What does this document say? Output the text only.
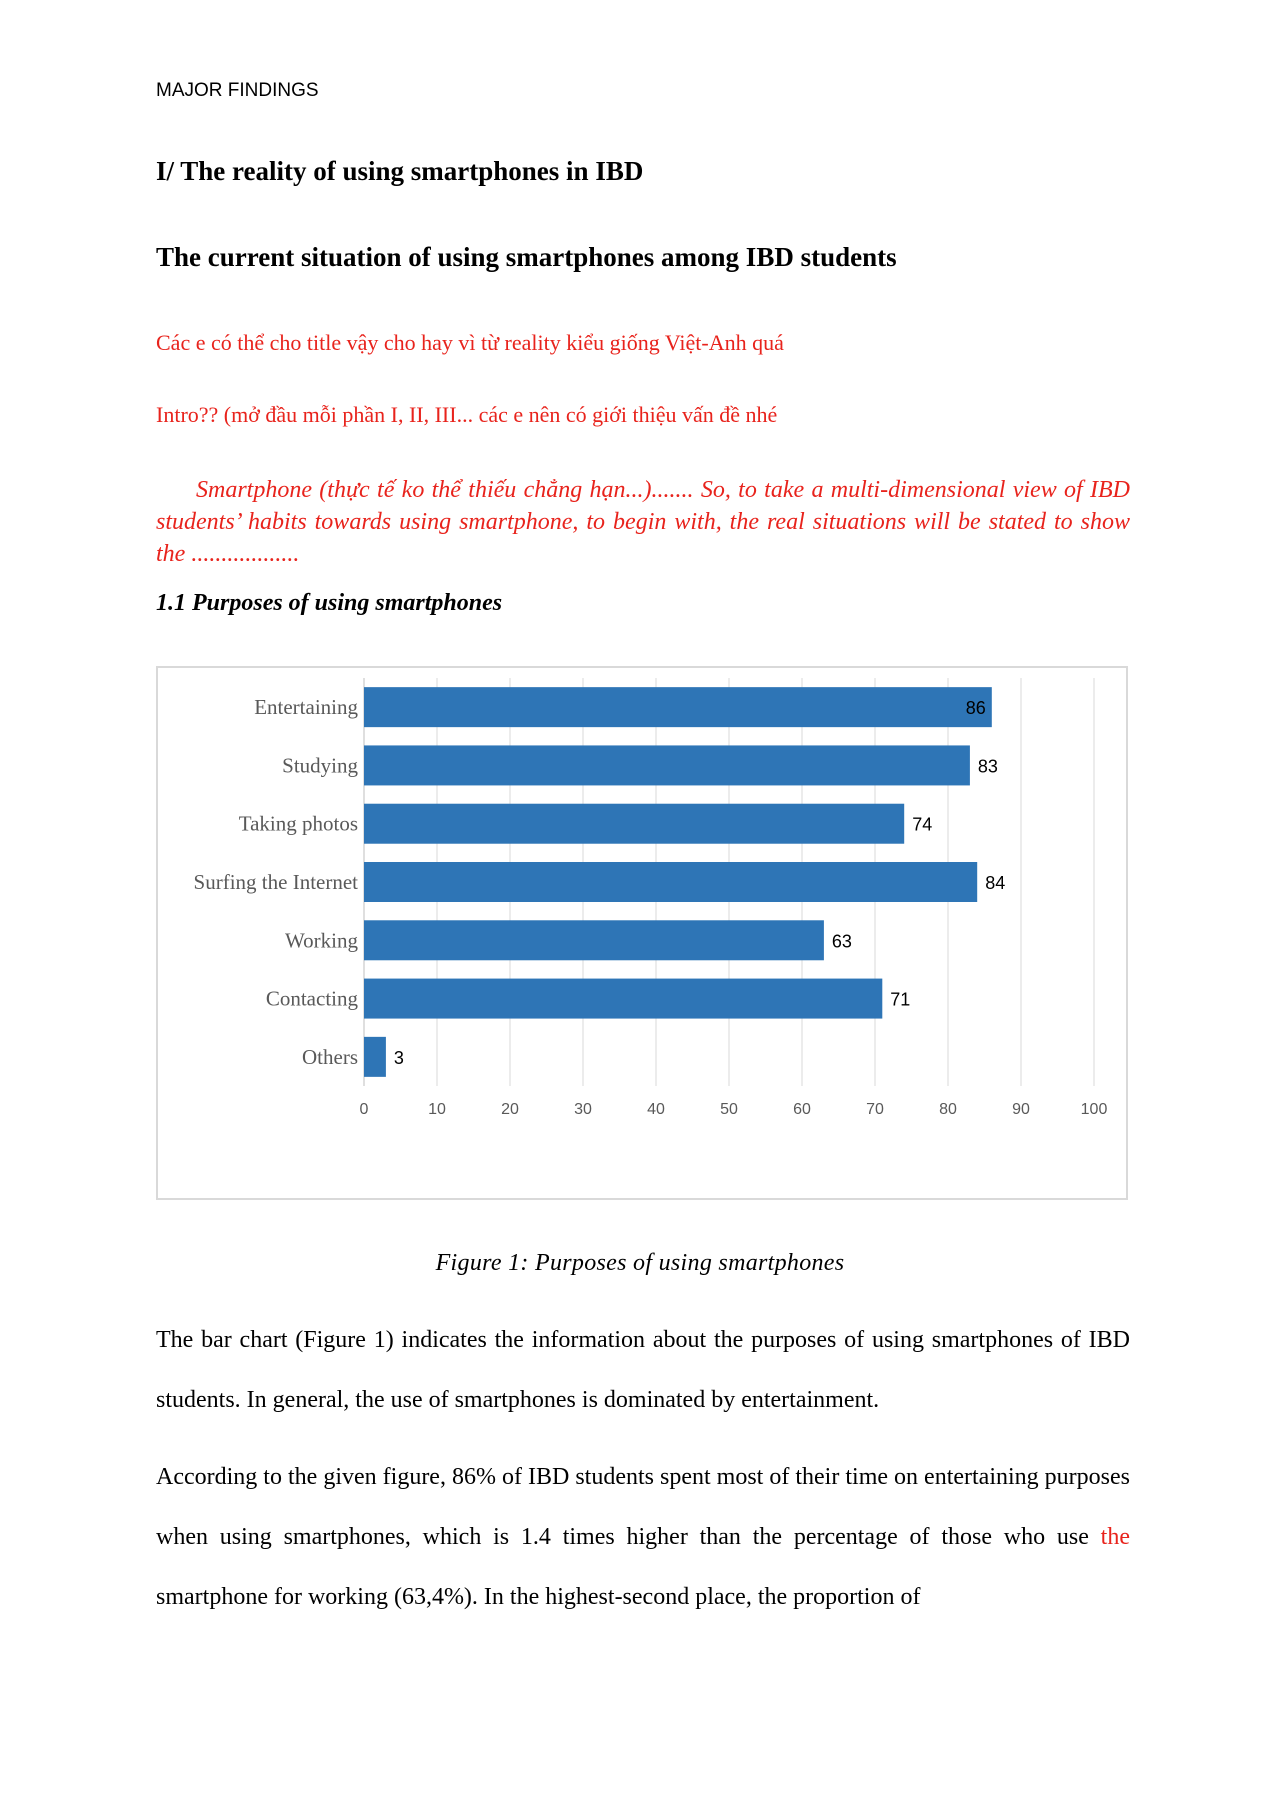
MAJOR FINDINGS
I/ The reality of using smartphones in IBD
The current situation of using smartphones among IBD students
Các e có thể cho title vậy cho hay vì từ reality kiểu giống Việt-Anh quá
Intro?? (mở đầu mỗi phần I, II, III... các e nên có giới thiệu vấn đề nhé
Smartphone (thực tế ko thể thiếu chẳng hạn...)....... So, to take a multi-dimensional view of IBD students’ habits towards using smartphone, to begin with, the real situations will be stated to show the ..................
1.1 Purposes of using smartphones
0	10	20	30	40	50	60	70	80	90	100
Entertaining	86
Studying	83
Taking photos	74
Surfing the Internet	84
Working	63
Contacting	71
Others 3
Figure 1: Purposes of using smartphones
The bar chart (Figure 1) indicates the information about the purposes of using smartphones of IBD students. In general, the use of smartphones is dominated by entertainment.
According to the given figure, 86% of IBD students spent most of their time on entertaining purposes when using smartphones, which is 1.4 times higher than the percentage of those who use the smartphone for working (63,4%). In the highest-second place, the proportion of
